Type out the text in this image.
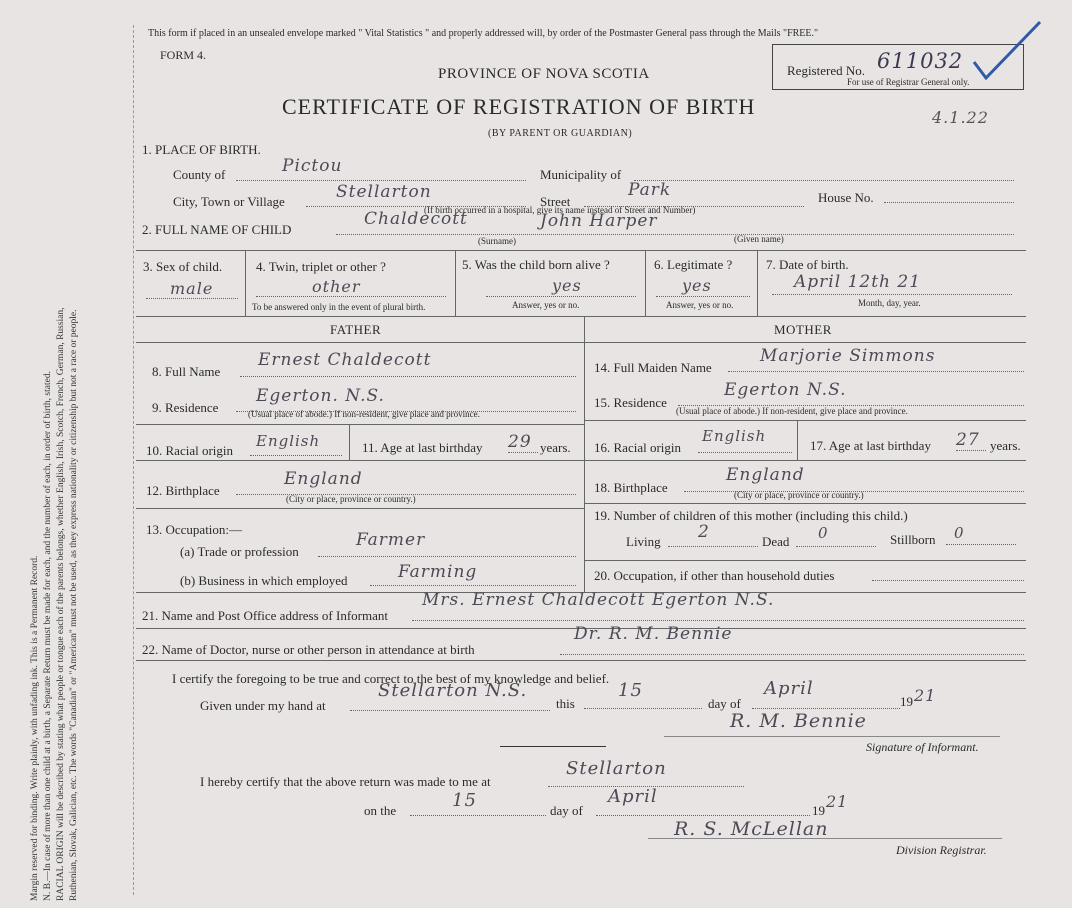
Margin reserved for binding. Write plainly, with unfading ink. This is a Permanent Record. N. B.—In case of more than one child at a birth, a Separate Return must be made for each, and the number of each, in order of birth, stated. RACIAL ORIGIN will be described by stating what people or tongue each of the parents belongs, whether English, Irish, Scotch, French, German, Russian, Ruthenian, Slovak, Galician, etc. The words "Canadian" or "American" must not be used, as they express nationality or citizenship but not a race or people.
This form if placed in an unsealed envelope marked " Vital Statistics " and properly addressed will, by order of the Postmaster General pass through the Mails "FREE."
FORM 4.
PROVINCE OF NOVA SCOTIA
CERTIFICATE OF REGISTRATION OF BIRTH
(BY PARENT OR GUARDIAN)
Registered No. 611032
For use of Registrar General only.
4.1.22
1. PLACE OF BIRTH.
County of	Pictou	Municipality of
City, Town or Village	Stellarton	Street
Park	House No.
(If birth occurred in a hospital, give its name instead of Street and Number)
2. FULL NAME OF CHILD
Chaldecott	John Harper
(Surname)	(Given name)
3. Sex of child.
male
4. Twin, triplet or other ?
other
To be answered only in the event of plural birth.
5. Was the child born alive ?
yes
Answer, yes or no.
6. Legitimate ?
yes
Answer, yes or no.
7. Date of birth.
April 12th 21
Month, day, year.
FATHER	MOTHER
8. Full Name
Ernest Chaldecott
9. Residence
Egerton. N.S.
(Usual place of abode.) If non-resident, give place and province.
10. Racial origin
English	11. Age at last birthday 29 years.
12. Birthplace
England
(City or place, province or country.)
13. Occupation:—
(a) Trade or profession
Farmer
(b) Business in which employed	Farming
14. Full Maiden Name
Marjorie Simmons
15. Residence
Egerton N.S.
(Usual place of abode.) If non-resident, give place and province.
16. Racial origin
English
17. Age at last birthday 27 years.
18. Birthplace
England
(City or place, province or country.)
19. Number of children of this mother (including this child.)
Living 2	Dead 0	Stillborn 0
20. Occupation, if other than household duties
21. Name and Post Office address of Informant
Mrs. Ernest Chaldecott Egerton N.S.
22. Name of Doctor, nurse or other person in attendance at birth
Dr. R. M. Bennie
I certify the foregoing to be true and correct to the best of my knowledge and belief.
Given under my hand at
Stellarton N.S.
this
15
day of
April
19 21
R. M. Bennie
Signature of Informant.
I hereby certify that the above return was made to me at
Stellarton
on the	15	day of
April
19 21
R. S. McLellan
Division Registrar.
